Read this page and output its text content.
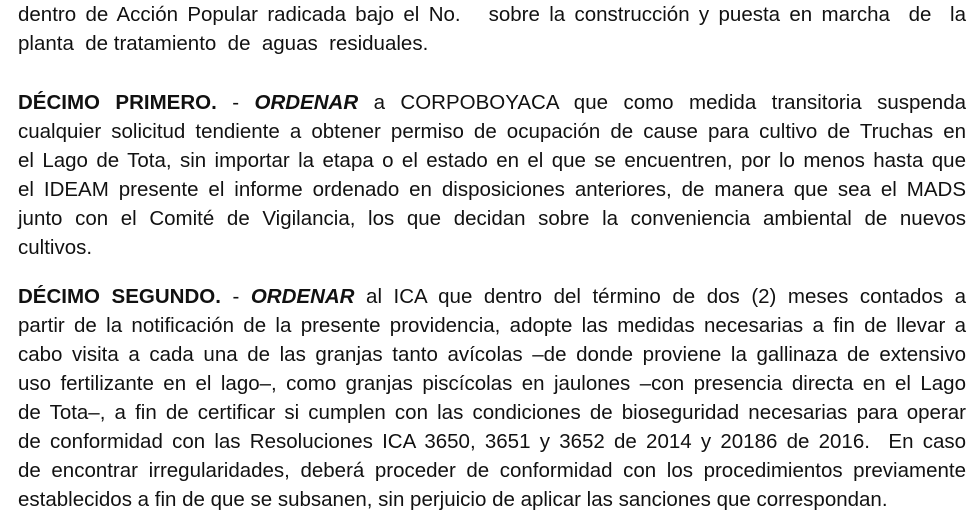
dentro de Acción Popular radicada bajo el No.   sobre la construcción y puesta en marcha  de  la
planta  de tratamiento  de  aguas  residuales.
DÉCIMO PRIMERO. - ORDENAR a CORPOBOYACA que como medida transitoria suspenda
cualquier solicitud tendiente a obtener permiso de ocupación de cause para cultivo de Truchas en
el Lago de Tota, sin importar la etapa o el estado en el que se encuentren, por lo menos hasta que
el IDEAM presente el informe ordenado en disposiciones anteriores, de manera que sea el MADS
junto con el Comité de Vigilancia, los que decidan sobre la conveniencia ambiental de nuevos
cultivos.
DÉCIMO SEGUNDO. - ORDENAR al ICA que dentro del término de dos (2) meses contados a
partir de la notificación de la presente providencia, adopte las medidas necesarias a fin de llevar a
cabo visita a cada una de las granjas tanto avícolas –de donde proviene la gallinaza de extensivo
uso fertilizante en el lago–, como granjas piscícolas en jaulones –con presencia directa en el Lago
de Tota–, a fin de certificar si cumplen con las condiciones de bioseguridad necesarias para operar
de conformidad con las Resoluciones ICA 3650, 3651 y 3652 de 2014 y 20186 de 2016.  En caso
de encontrar irregularidades, deberá proceder de conformidad con los procedimientos previamente
establecidos a fin de que se subsanen, sin perjuicio de aplicar las sanciones que correspondan.
